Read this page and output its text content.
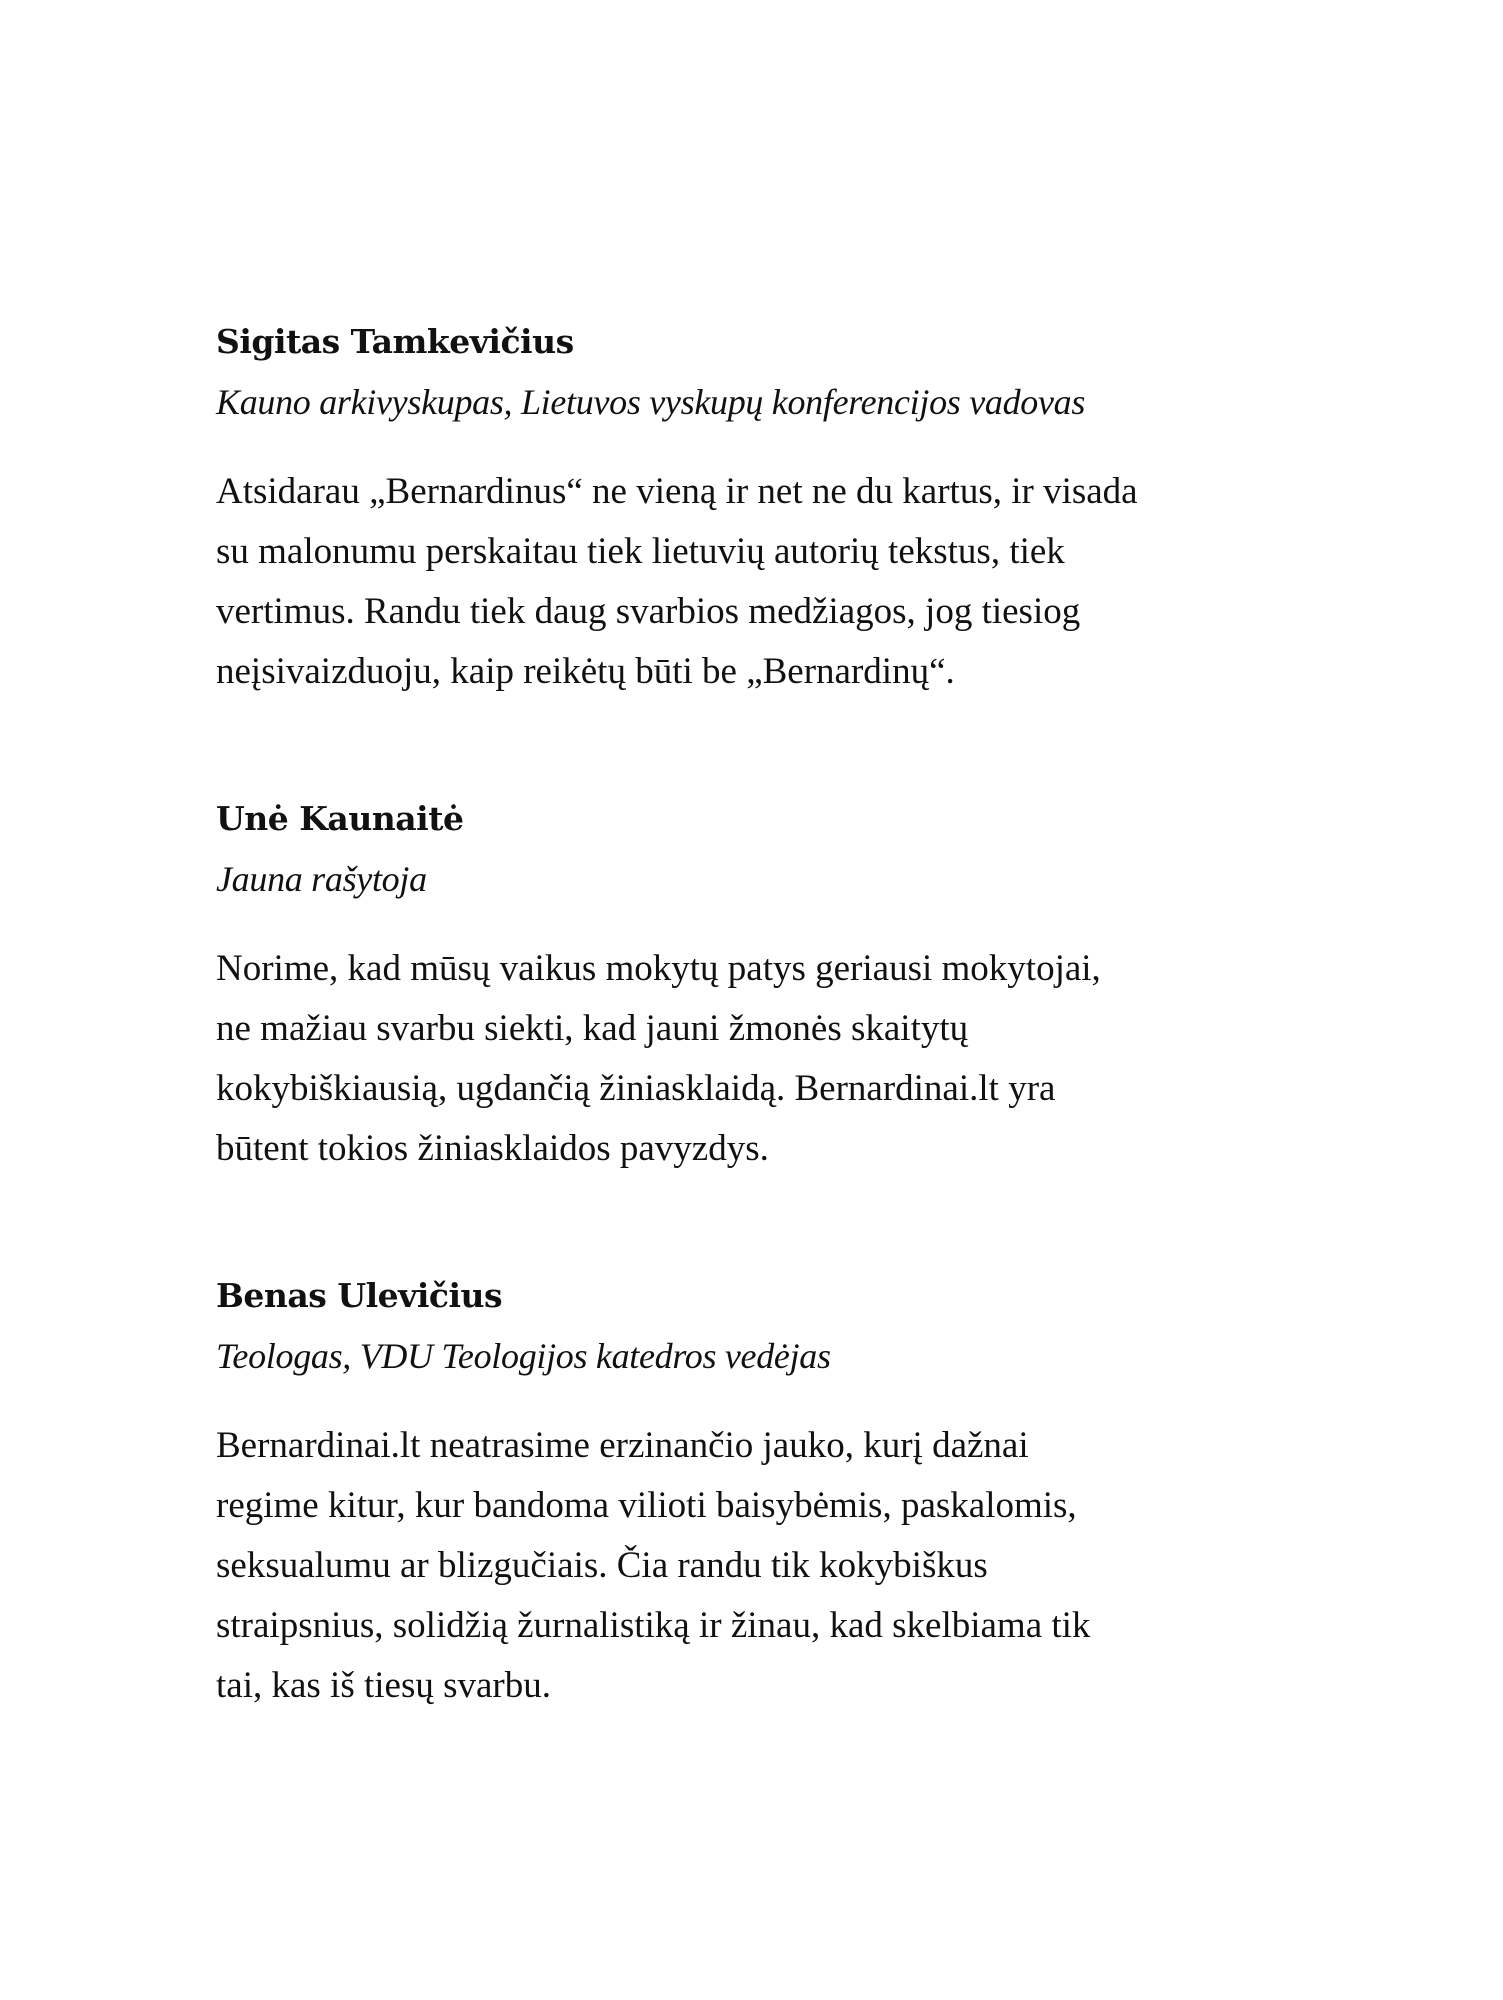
Sigitas Tamkevičius

Kauno arkivyskupas, Lietuvos vyskupų konferencijos vadovas

Atsidarau „Bernardinus“ ne vieną ir net ne du kartus, ir visada
su malonumu perskaitau tiek lietuvių autorių tekstus, tiek
vertimus. Randu tiek daug svarbios medžiagos, jog tiesiog
neįsivaizduoju, kaip reikėtų būti be „Bernardinų“.

Unė Kaunaitė

Jauna rašytoja

Norime, kad mūsų vaikus mokytų patys geriausi mokytojai,
ne mažiau svarbu siekti, kad jauni žmonės skaitytų
kokybiškiausią, ugdančią žiniasklaidą. Bernardinai.lt yra
būtent tokios žiniasklaidos pavyzdys.

Benas Ulevičius

Teologas, VDU Teologijos katedros vedėjas

Bernardinai.lt neatrasime erzinančio jauko, kurį dažnai
regime kitur, kur bandoma vilioti baisybėmis, paskalomis,
seksualumu ar blizgučiais. Čia randu tik kokybiškus
straipsnius, solidžią žurnalistiką ir žinau, kad skelbiama tik
tai, kas iš tiesų svarbu.
